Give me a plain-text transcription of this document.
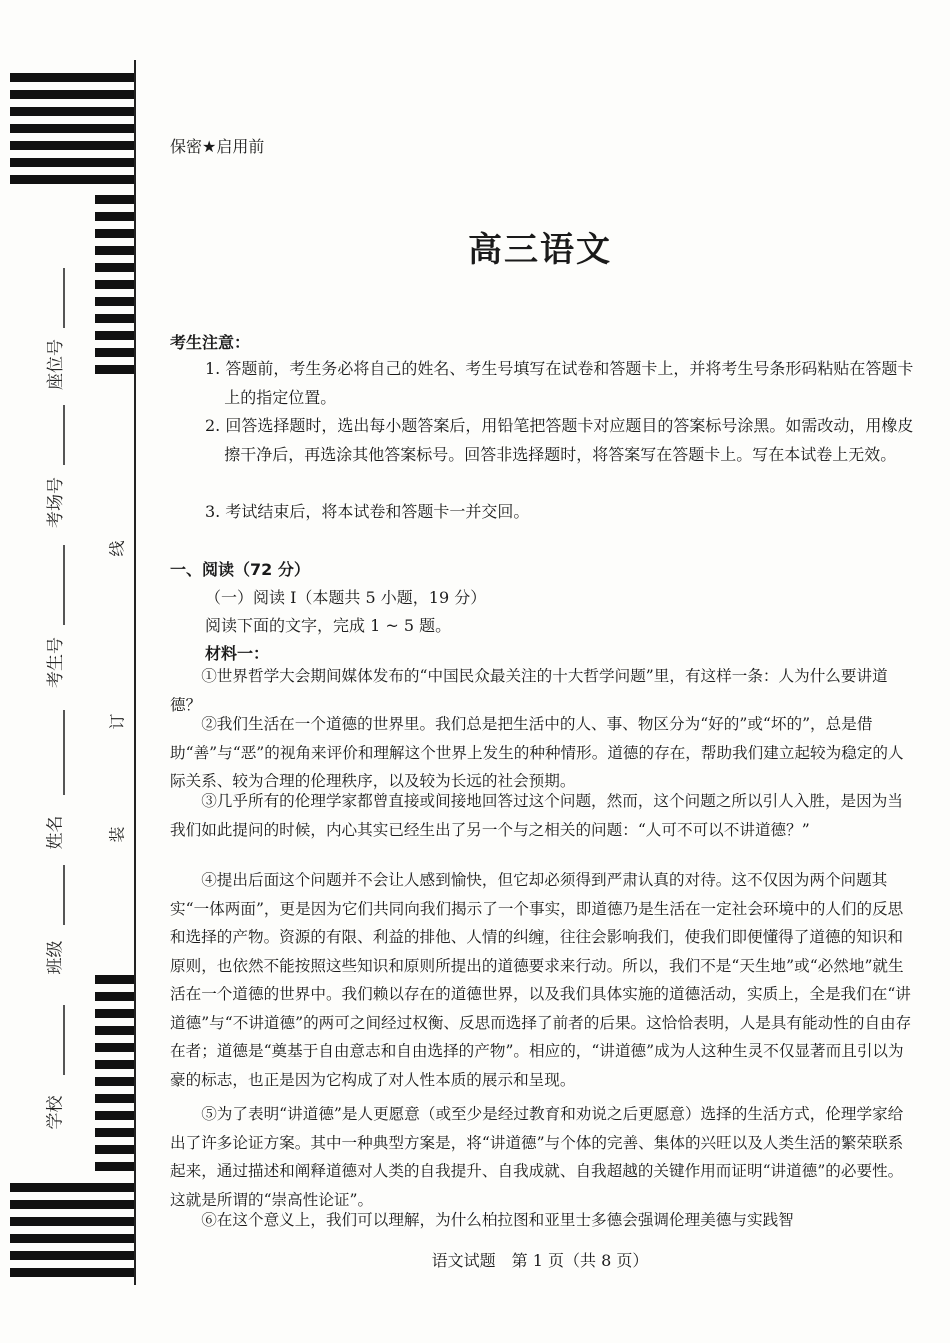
座位号
考场号
考生号
姓名
班级
学校
线
订
装
保密★启用前
高三语文
考生注意：
1. 答题前，考生务必将自己的姓名、考生号填写在试卷和答题卡上，并将考生号条形码粘贴在答题卡上的指定位置。
2. 回答选择题时，选出每小题答案后，用铅笔把答题卡对应题目的答案标号涂黑。如需改动，用橡皮擦干净后，再选涂其他答案标号。回答非选择题时，将答案写在答题卡上。写在本试卷上无效。
3. 考试结束后，将本试卷和答题卡一并交回。
一、阅读（72 分）
（一）阅读 I（本题共 5 小题，19 分）
阅读下面的文字，完成 1 ~ 5 题。
材料一：
①世界哲学大会期间媒体发布的“中国民众最关注的十大哲学问题”里，有这样一条：人为什么要讲道德？
②我们生活在一个道德的世界里。我们总是把生活中的人、事、物区分为“好的”或“坏的”，总是借助“善”与“恶”的视角来评价和理解这个世界上发生的种种情形。道德的存在，帮助我们建立起较为稳定的人际关系、较为合理的伦理秩序，以及较为长远的社会预期。
③几乎所有的伦理学家都曾直接或间接地回答过这个问题，然而，这个问题之所以引人入胜，是因为当我们如此提问的时候，内心其实已经生出了另一个与之相关的问题：“人可不可以不讲道德？”
④提出后面这个问题并不会让人感到愉快，但它却必须得到严肃认真的对待。这不仅因为两个问题其实“一体两面”，更是因为它们共同向我们揭示了一个事实，即道德乃是生活在一定社会环境中的人们的反思和选择的产物。资源的有限、利益的排他、人情的纠缠，往往会影响我们，使我们即便懂得了道德的知识和原则，也依然不能按照这些知识和原则所提出的道德要求来行动。所以，我们不是“天生地”或“必然地”就生活在一个道德的世界中。我们赖以存在的道德世界，以及我们具体实施的道德活动，实质上，全是我们在“讲道德”与“不讲道德”的两可之间经过权衡、反思而选择了前者的后果。这恰恰表明，人是具有能动性的自由存在者；道德是“奠基于自由意志和自由选择的产物”。相应的，“讲道德”成为人这种生灵不仅显著而且引以为豪的标志，也正是因为它构成了对人性本质的展示和呈现。
⑤为了表明“讲道德”是人更愿意（或至少是经过教育和劝说之后更愿意）选择的生活方式，伦理学家给出了许多论证方案。其中一种典型方案是，将“讲道德”与个体的完善、集体的兴旺以及人类生活的繁荣联系起来，通过描述和阐释道德对人类的自我提升、自我成就、自我超越的关键作用而证明“讲道德”的必要性。这就是所谓的“崇高性论证”。
⑥在这个意义上，我们可以理解，为什么柏拉图和亚里士多德会强调伦理美德与实践智
语文试题　第 1 页（共 8 页）
